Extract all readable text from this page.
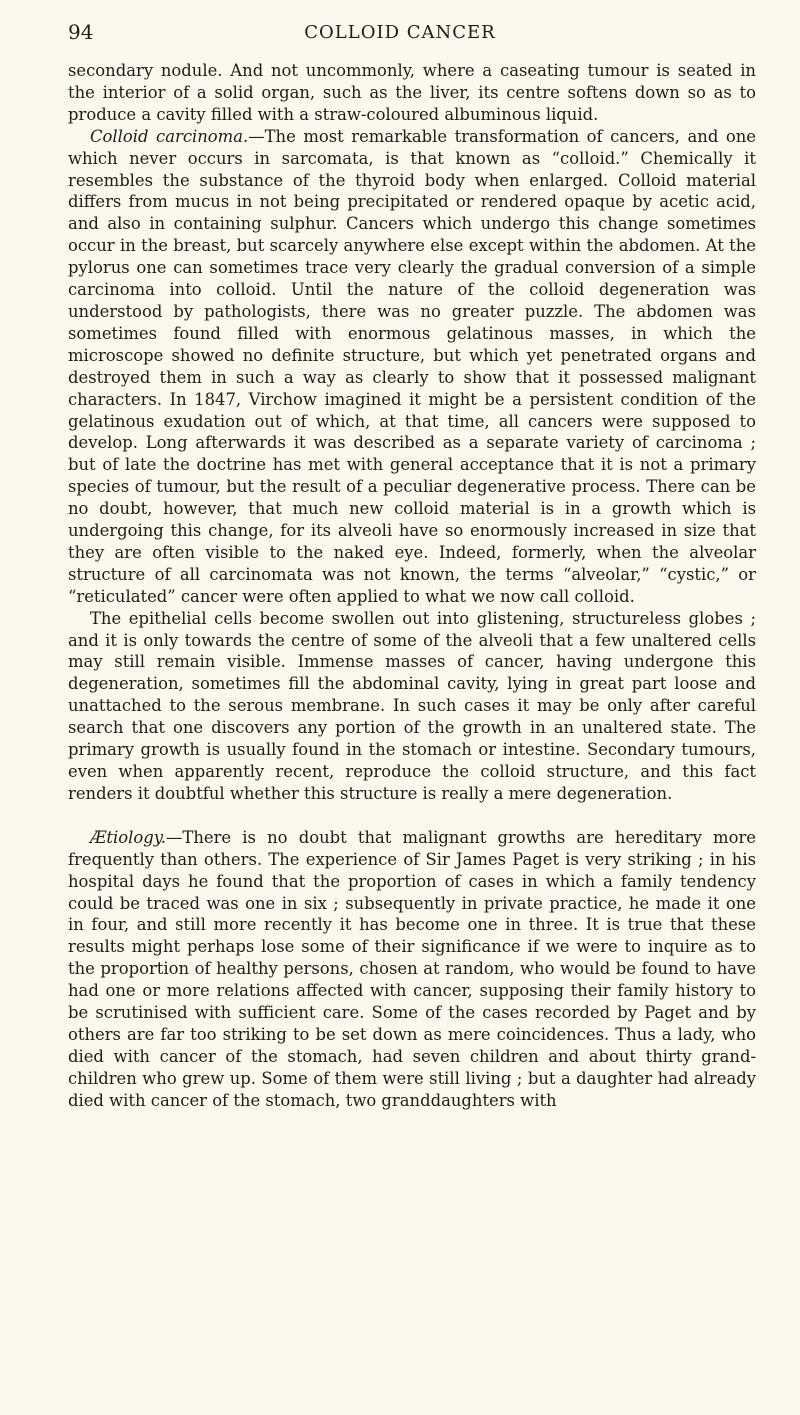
94	COLLOID CANCER

secondary nodule. And not uncommonly, where a caseating tumour is seated in the interior of a solid organ, such as the liver, its centre softens down so as to produce a cavity filled with a straw-coloured albuminous liquid.

Colloid carcinoma.—The most remarkable transformation of cancers, and one which never occurs in sarcomata, is that known as “colloid.” Chemically it resembles the substance of the thyroid body when enlarged. Colloid material differs from mucus in not being precipitated or rendered opaque by acetic acid, and also in containing sulphur. Cancers which undergo this change sometimes occur in the breast, but scarcely anywhere else except within the abdomen. At the pylorus one can sometimes trace very clearly the gradual conversion of a simple carcinoma into colloid. Until the nature of the colloid degeneration was understood by pathologists, there was no greater puzzle. The abdomen was sometimes found filled with enormous gelatinous masses, in which the microscope showed no definite structure, but which yet penetrated organs and destroyed them in such a way as clearly to show that it possessed malignant characters. In 1847, Virchow imagined it might be a persistent condition of the gelatinous exudation out of which, at that time, all cancers were supposed to develop. Long afterwards it was described as a separate variety of carcinoma ; but of late the doctrine has met with general acceptance that it is not a primary species of tumour, but the result of a peculiar degenerative process. There can be no doubt, however, that much new colloid material is in a growth which is undergoing this change, for its alveoli have so enormously increased in size that they are often visible to the naked eye. Indeed, formerly, when the alveolar structure of all carcinomata was not known, the terms “alveolar,” “cystic,” or “reticulated” cancer were often applied to what we now call colloid.

The epithelial cells become swollen out into glistening, structureless globes ; and it is only towards the centre of some of the alveoli that a few unaltered cells may still remain visible. Immense masses of cancer, having undergone this degeneration, sometimes fill the abdominal cavity, lying in great part loose and unattached to the serous membrane. In such cases it may be only after careful search that one discovers any portion of the growth in an unaltered state. The primary growth is usually found in the stomach or intestine. Secondary tumours, even when apparently recent, reproduce the colloid structure, and this fact renders it doubtful whether this structure is really a mere degeneration.

Ætiology.—There is no doubt that malignant growths are hereditary more frequently than others. The experience of Sir James Paget is very striking ; in his hospital days he found that the proportion of cases in which a family tendency could be traced was one in six ; subsequently in private practice, he made it one in four, and still more recently it has become one in three. It is true that these results might perhaps lose some of their significance if we were to inquire as to the proportion of healthy persons, chosen at random, who would be found to have had one or more relations affected with cancer, supposing their family history to be scrutinised with sufficient care. Some of the cases recorded by Paget and by others are far too striking to be set down as mere coincidences. Thus a lady, who died with cancer of the stomach, had seven children and about thirty grand-children who grew up. Some of them were still living ; but a daughter had already died with cancer of the stomach, two granddaughters with
